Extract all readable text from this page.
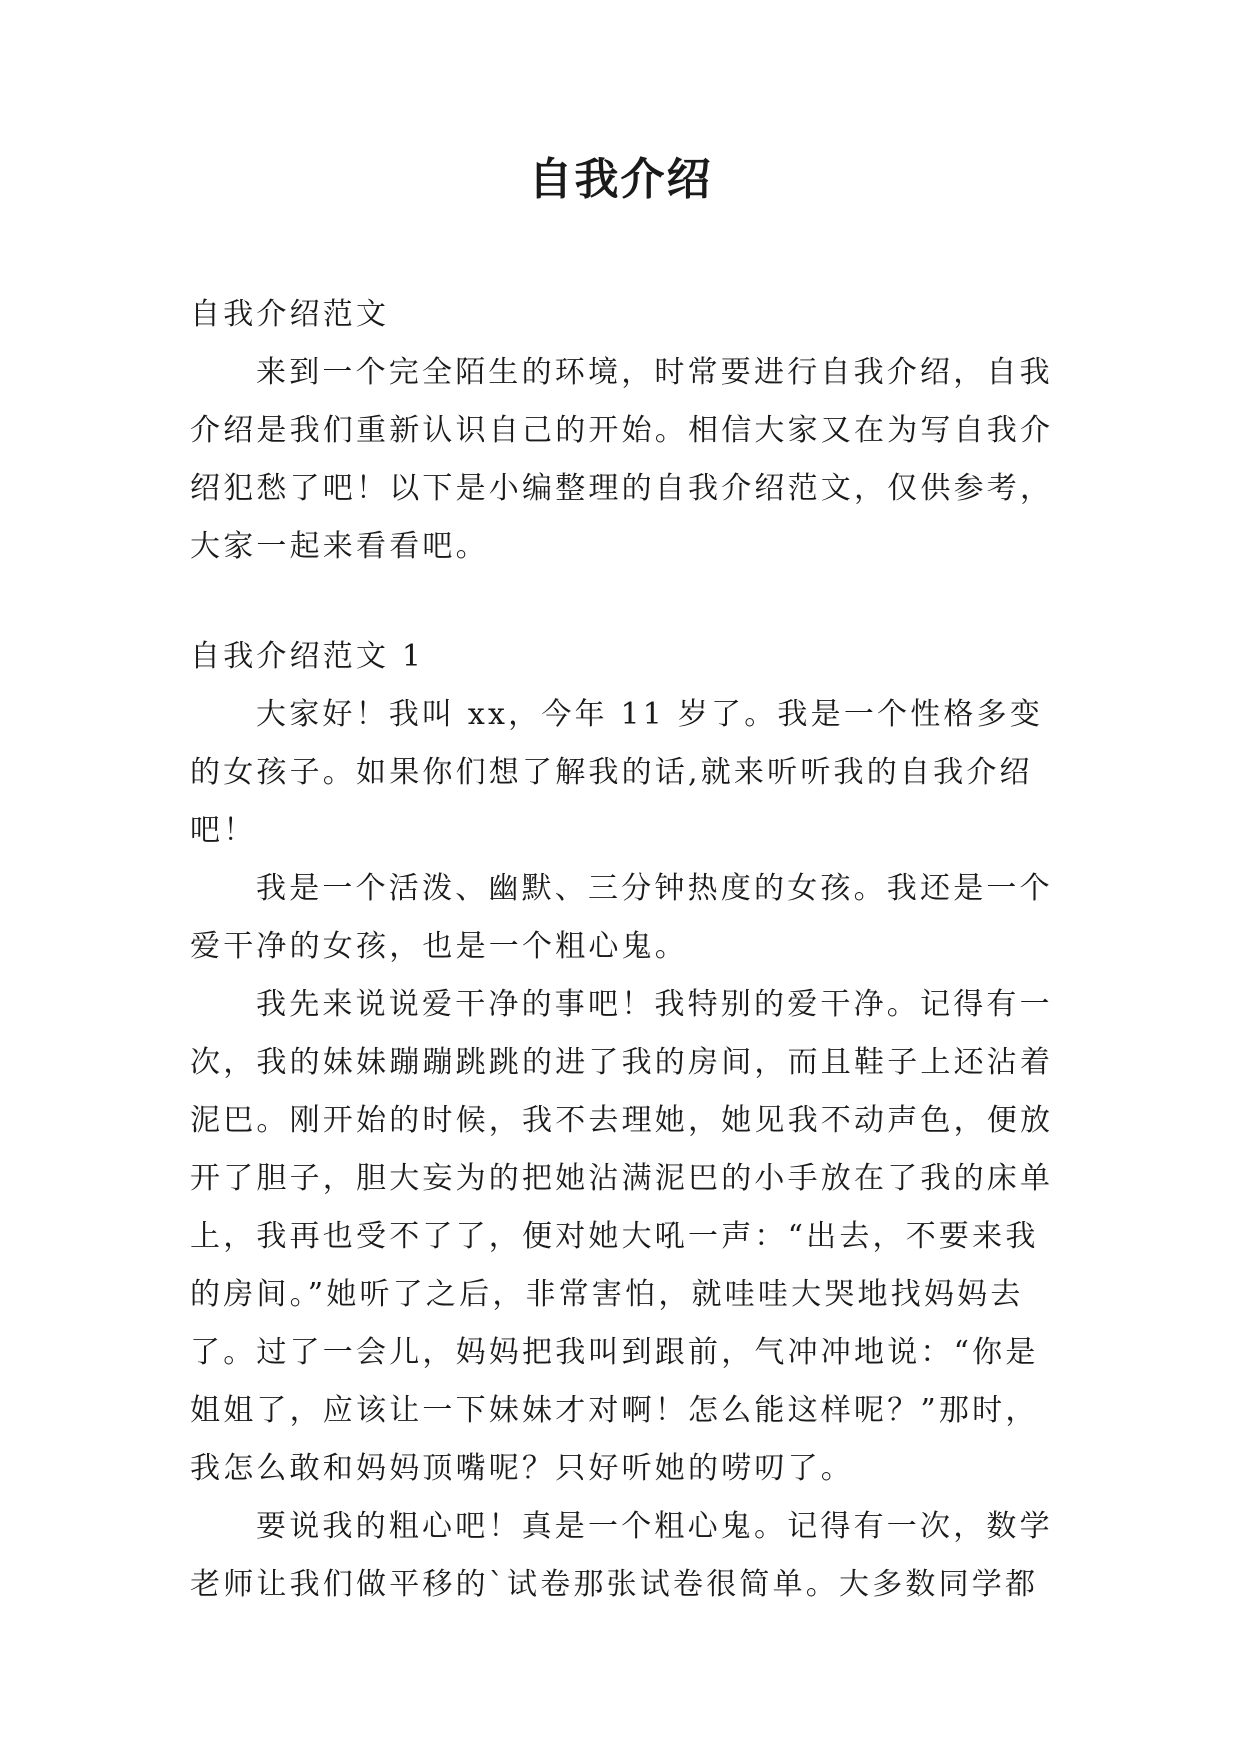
自我介绍

自我介绍范文

来到一个完全陌生的环境，时常要进行自我介绍，自我介绍是我们重新认识自己的开始。相信大家又在为写自我介绍犯愁了吧！以下是小编整理的自我介绍范文，仅供参考，大家一起来看看吧。

自我介绍范文 1

大家好！我叫 xx，今年 11 岁了。我是一个性格多变的女孩子。如果你们想了解我的话,就来听听我的自我介绍吧！

我是一个活泼、幽默、三分钟热度的女孩。我还是一个爱干净的女孩，也是一个粗心鬼。

我先来说说爱干净的事吧！我特别的爱干净。记得有一次，我的妹妹蹦蹦跳跳的进了我的房间，而且鞋子上还沾着泥巴。刚开始的时候，我不去理她，她见我不动声色，便放开了胆子，胆大妄为的把她沾满泥巴的小手放在了我的床单上，我再也受不了了，便对她大吼一声：“出去，不要来我的房间。”她听了之后，非常害怕，就哇哇大哭地找妈妈去了。过了一会儿，妈妈把我叫到跟前，气冲冲地说：“你是姐姐了，应该让一下妹妹才对啊！怎么能这样呢？”那时，我怎么敢和妈妈顶嘴呢？只好听她的唠叨了。

要说我的粗心吧！真是一个粗心鬼。记得有一次，数学老师让我们做平移的`试卷那张试卷很简单。大多数同学都
